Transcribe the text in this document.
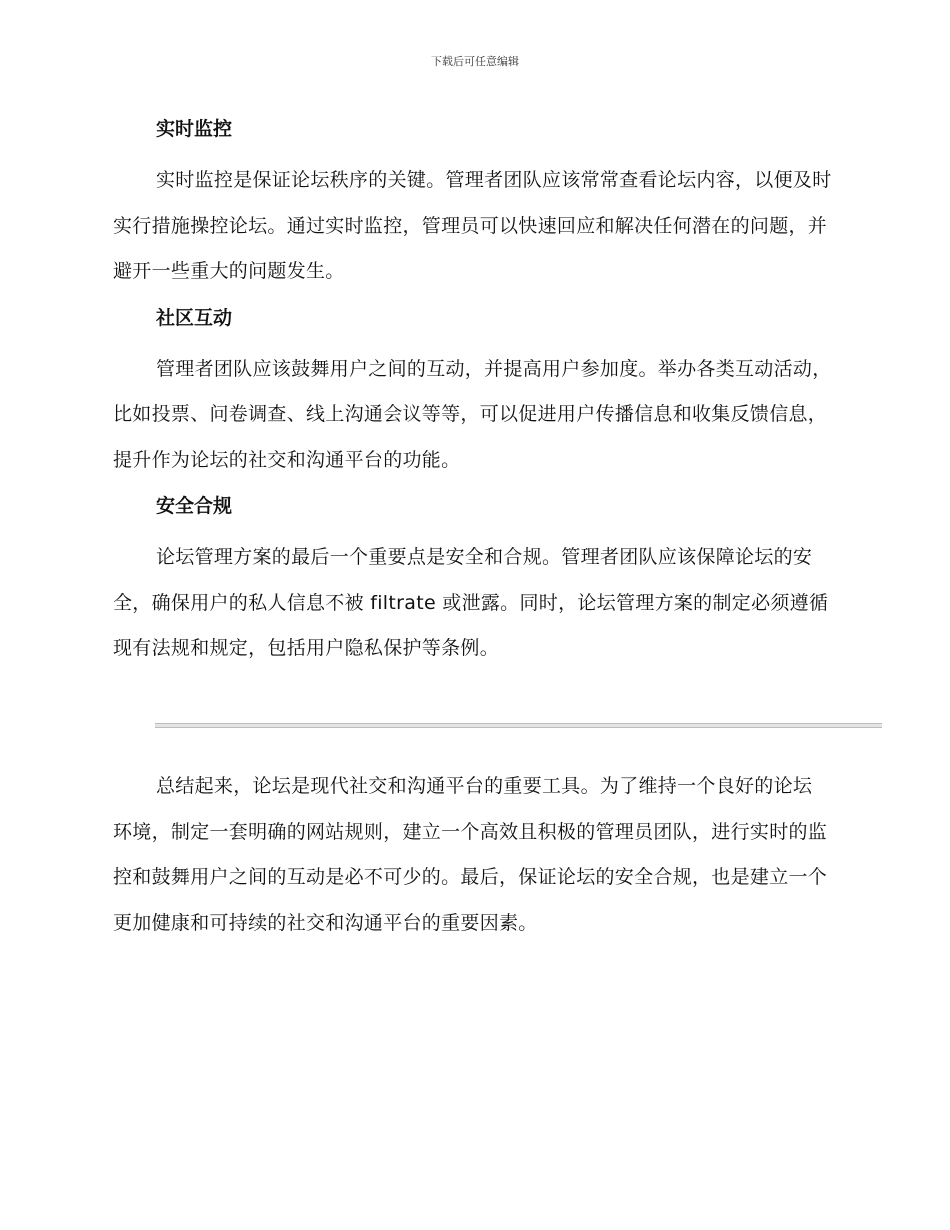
下载后可任意编辑
实时监控

实时监控是保证论坛秩序的关键。管理者团队应该常常查看论坛内容，以便及时实行措施操控论坛。通过实时监控，管理员可以快速回应和解决任何潜在的问题，并避开一些重大的问题发生。

社区互动

管理者团队应该鼓舞用户之间的互动，并提高用户参加度。举办各类互动活动，比如投票、问卷调查、线上沟通会议等等，可以促进用户传播信息和收集反馈信息，提升作为论坛的社交和沟通平台的功能。

安全合规

论坛管理方案的最后一个重要点是安全和合规。管理者团队应该保障论坛的安全，确保用户的私人信息不被 filtrate 或泄露。同时，论坛管理方案的制定必须遵循现有法规和规定，包括用户隐私保护等条例。

总结起来，论坛是现代社交和沟通平台的重要工具。为了维持一个良好的论坛环境，制定一套明确的网站规则，建立一个高效且积极的管理员团队，进行实时的监控和鼓舞用户之间的互动是必不可少的。最后，保证论坛的安全合规，也是建立一个更加健康和可持续的社交和沟通平台的重要因素。
